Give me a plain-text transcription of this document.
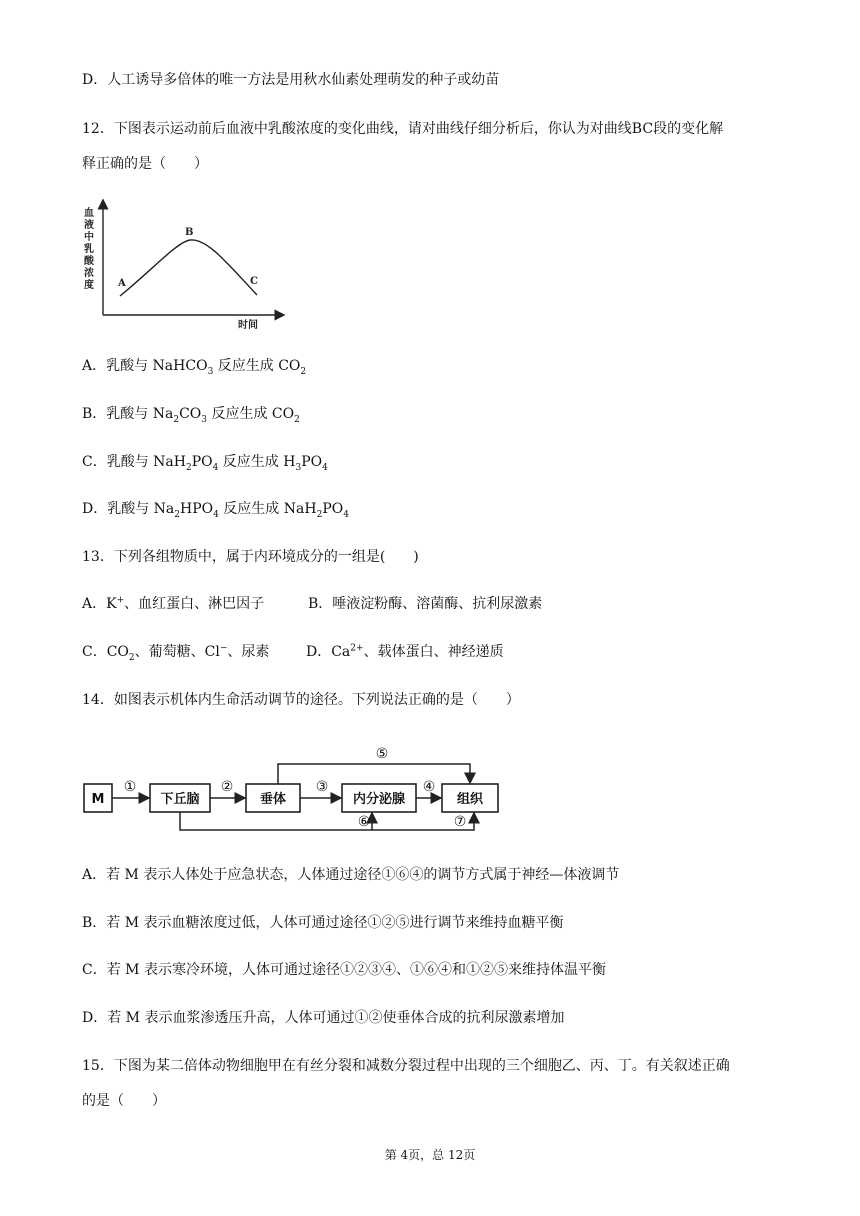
D．人工诱导多倍体的唯一方法是用秋水仙素处理萌发的种子或幼苗
12．下图表示运动前后血液中乳酸浓度的变化曲线，请对曲线仔细分析后，你认为对曲线BC段的变化解
释正确的是（　　）
血
液
中
乳
酸
浓
度
时间
A
B
C
A．乳酸与 NaHCO$_3$ 反应生成 $CO_2$
B．乳酸与 $Na_2CO_3$ 反应生成 $CO_2$
C．乳酸与 $NaH_2PO_4$ 反应生成 $H_3PO_4$
D．乳酸与 $Na_2HPO_4$ 反应生成 $NaH_2PO_4$
13．下列各组物质中，属于内环境成分的一组是(　　)
A．K+、血红蛋白、淋巴因子	B．唾液淀粉酶、溶菌酶、抗利尿激素
C．$CO_2$、葡萄糖、Cl−、尿素	D．$Ca^{2+}$、载体蛋白、神经递质
14．如图表示机体内生命活动调节的途径。下列说法正确的是（　　）
M	下丘脑	垂体	内分泌腺	组织
①	②	③	④
⑤
⑥	⑦
A．若 M 表示人体处于应急状态，人体通过途径①⑥④的调节方式属于神经—体液调节
B．若 M 表示血糖浓度过低，人体可通过途径①②⑤进行调节来维持血糖平衡
C．若 M 表示寒冷环境，人体可通过途径①②③④、①⑥④和①②⑤来维持体温平衡
D．若 M 表示血浆渗透压升高，人体可通过①②使垂体合成的抗利尿激素增加
15．下图为某二倍体动物细胞甲在有丝分裂和减数分裂过程中出现的三个细胞乙、丙、丁。有关叙述正确
的是（　　）
第 4页，总 12页
